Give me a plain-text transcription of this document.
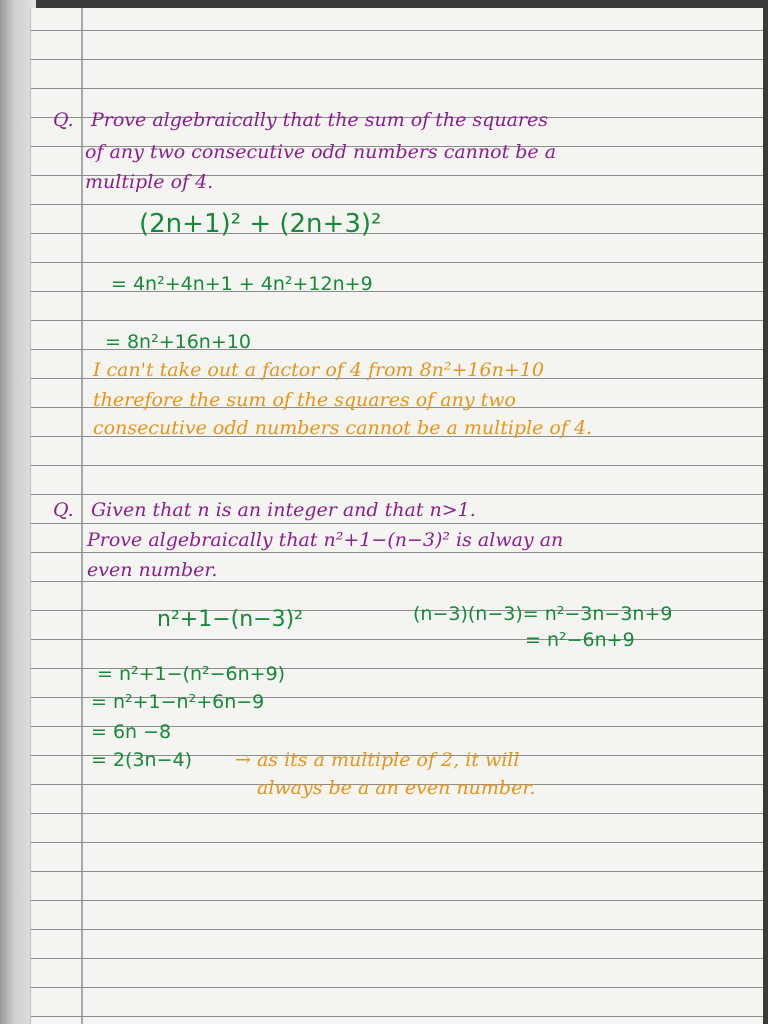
Q. Prove algebraically that the sum of the squares
of any two consecutive odd numbers cannot be a
multiple of 4.
(2n+1)² + (2n+3)²
= 4n²+4n+1 + 4n²+12n+9
= 8n²+16n+10
I can't take out a factor of 4 from 8n²+16n+10
therefore the sum of the squares of any two
consecutive odd numbers cannot be a multiple of 4.
Q. Given that n is an integer and that n>1.
Prove algebraically that n²+1−(n−3)² is alway an
even number.
n²+1−(n−3)²	(n−3)(n−3)= n²−3n−3n+9
= n²−6n+9
= n²+1−(n²−6n+9)
= n²+1−n²+6n−9
= 6n −8
= 2(3n−4) → as its a multiple of 2, it will
always be a an even number.
